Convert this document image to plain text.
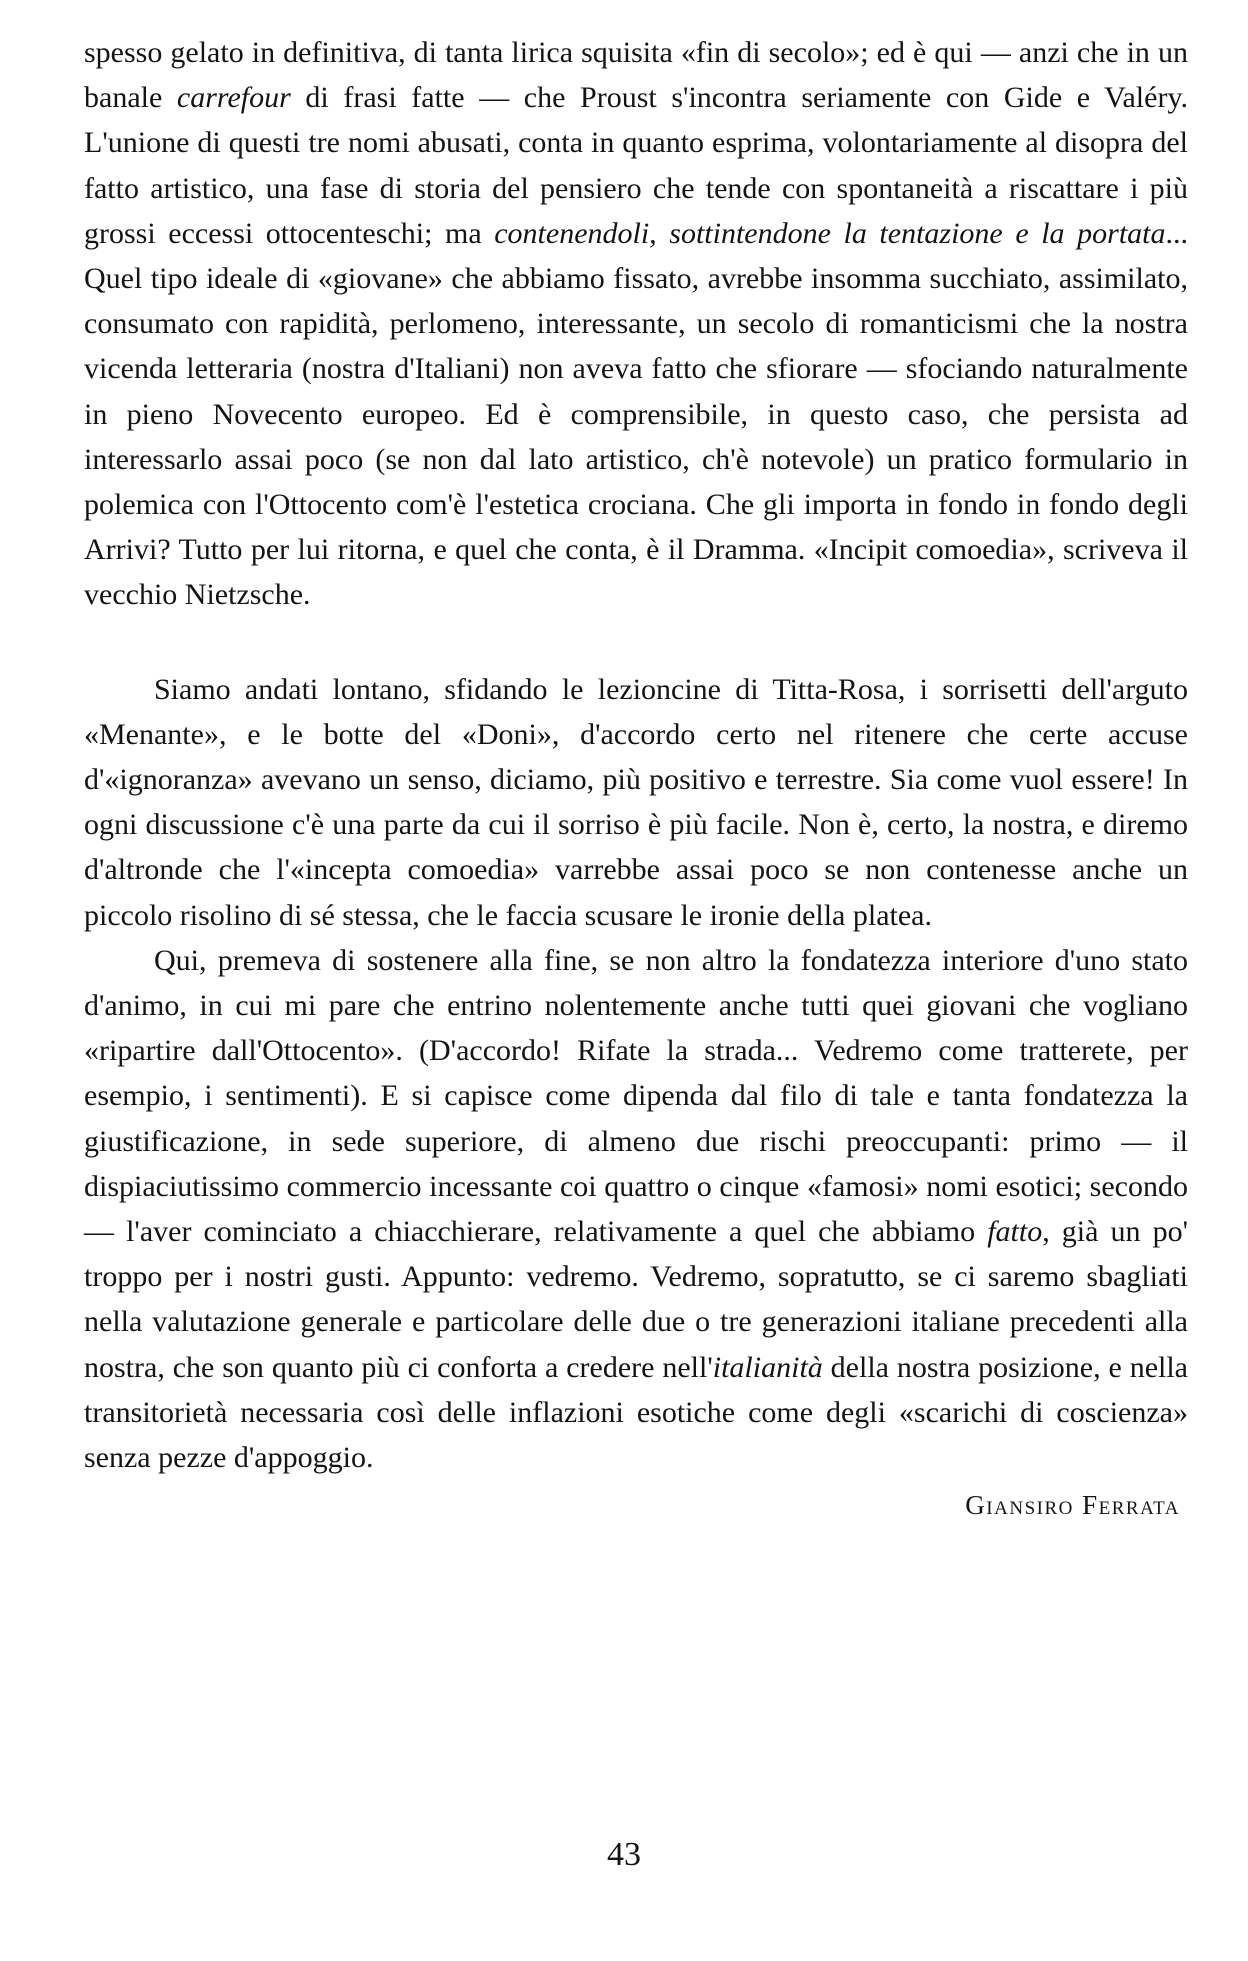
spesso gelato in definitiva, di tanta lirica squisita «fin di secolo»; ed è qui — anzi che in un banale carrefour di frasi fatte — che Proust s'incontra seriamente con Gide e Valéry. L'unione di questi tre nomi abusati, conta in quanto esprima, volontariamente al disopra del fatto artistico, una fase di storia del pensiero che tende con spontaneità a riscattare i più grossi eccessi ottocenteschi; ma contenendoli, sottintendone la tentazione e la portata... Quel tipo ideale di «giovane» che abbiamo fissato, avrebbe insomma succhiato, assimilato, consumato con rapidità, perlomeno, interessante, un secolo di romanticismi che la nostra vicenda letteraria (nostra d'Italiani) non aveva fatto che sfiorare — sfociando naturalmente in pieno Novecento europeo. Ed è comprensibile, in questo caso, che persista ad interessarlo assai poco (se non dal lato artistico, ch'è notevole) un pratico formulario in polemica con l'Ottocento com'è l'estetica crociana. Che gli importa in fondo in fondo degli Arrivi? Tutto per lui ritorna, e quel che conta, è il Dramma. «Incipit comoedia», scriveva il vecchio Nietzsche.

Siamo andati lontano, sfidando le lezioncine di Titta-Rosa, i sorrisetti dell'arguto «Menante», e le botte del «Doni», d'accordo certo nel ritenere che certe accuse d'«ignoranza» avevano un senso, diciamo, più positivo e terrestre. Sia come vuol essere! In ogni discussione c'è una parte da cui il sorriso è più facile. Non è, certo, la nostra, e diremo d'altronde che l'«incepta comoedia» varrebbe assai poco se non contenesse anche un piccolo risolino di sé stessa, che le faccia scusare le ironie della platea.

Qui, premeva di sostenere alla fine, se non altro la fondatezza interiore d'uno stato d'animo, in cui mi pare che entrino nolentemente anche tutti quei giovani che vogliano «ripartire dall'Ottocento». (D'accordo! Rifate la strada... Vedremo come tratterete, per esempio, i sentimenti). E si capisce come dipenda dal filo di tale e tanta fondatezza la giustificazione, in sede superiore, di almeno due rischi preoccupanti: primo — il dispiaciutissimo commercio incessante coi quattro o cinque «famosi» nomi esotici; secondo — l'aver cominciato a chiacchierare, relativamente a quel che abbiamo fatto, già un po' troppo per i nostri gusti. Appunto: vedremo. Vedremo, sopratutto, se ci saremo sbagliati nella valutazione generale e particolare delle due o tre generazioni italiane precedenti alla nostra, che son quanto più ci conforta a credere nell'italianità della nostra posizione, e nella transitorietà necessaria così delle inflazioni esotiche come degli «scarichi di coscienza» senza pezze d'appoggio.

Giansiro Ferrata
43
